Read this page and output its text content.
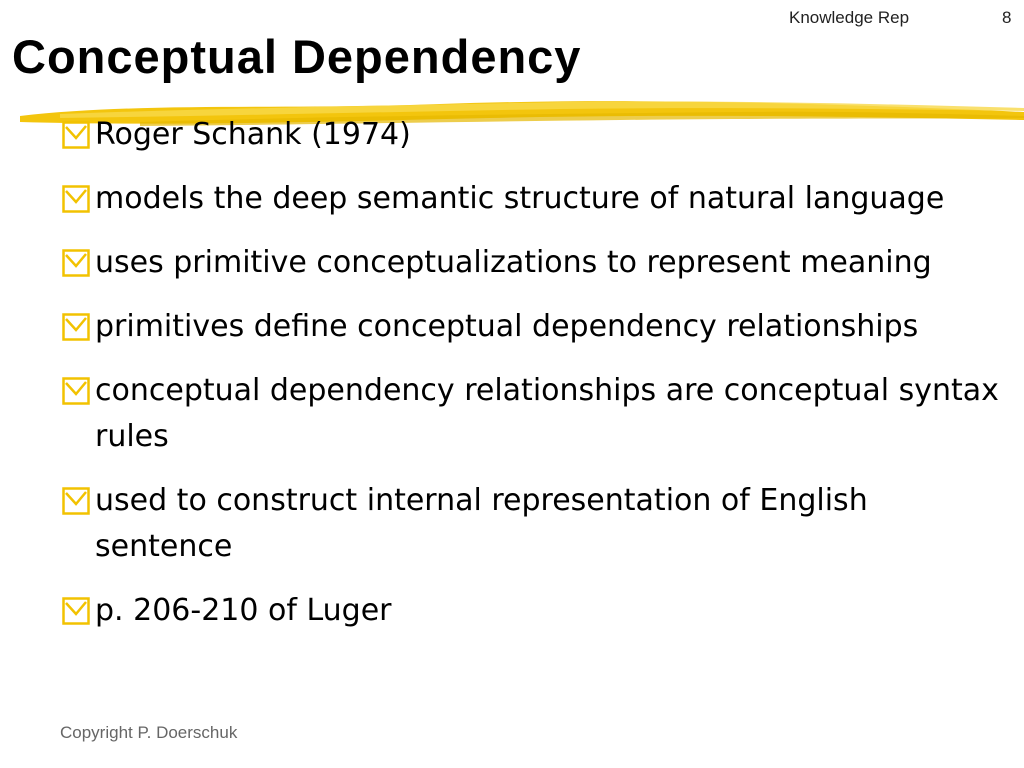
Knowledge Rep	8
Conceptual Dependency
Roger Schank (1974)
models the deep semantic structure of natural language
uses primitive conceptualizations to represent meaning
primitives define conceptual dependency relationships
conceptual dependency relationships are conceptual syntax rules
used to construct internal representation of English sentence
p. 206-210 of Luger
Copyright P. Doerschuk
